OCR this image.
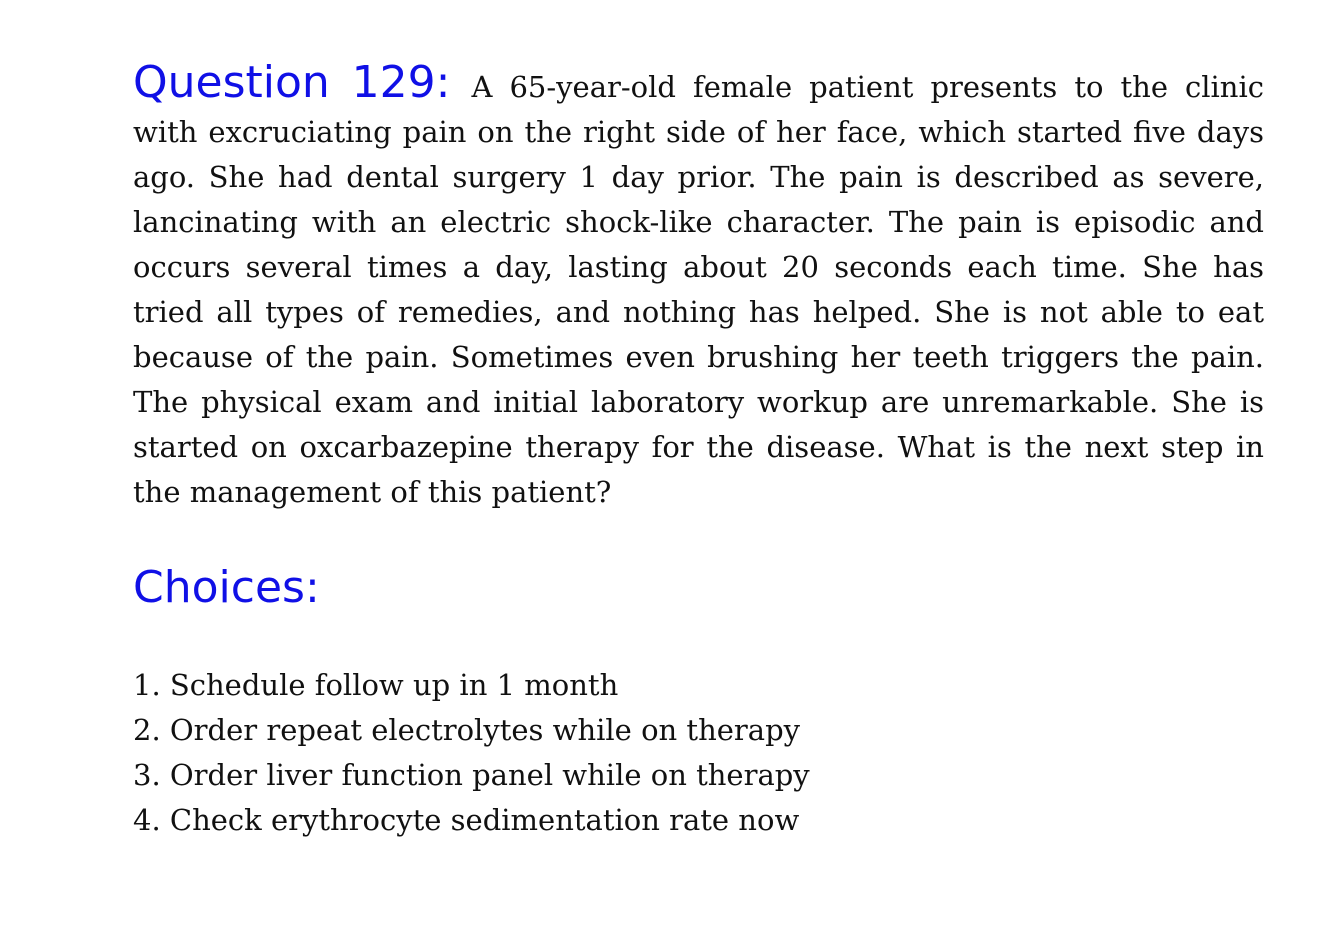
Question 129: A 65-year-old female patient presents to the clinic with excruciating pain on the right side of her face, which started five days ago. She had dental surgery 1 day prior. The pain is described as severe, lancinating with an electric shock-like character. The pain is episodic and occurs several times a day, lasting about 20 seconds each time. She has tried all types of remedies, and nothing has helped. She is not able to eat because of the pain. Sometimes even brushing her teeth triggers the pain. The physical exam and initial laboratory workup are unremarkable. She is started on oxcarbazepine therapy for the disease. What is the next step in the management of this patient?

Choices:
1. Schedule follow up in 1 month
2. Order repeat electrolytes while on therapy
3. Order liver function panel while on therapy
4. Check erythrocyte sedimentation rate now
